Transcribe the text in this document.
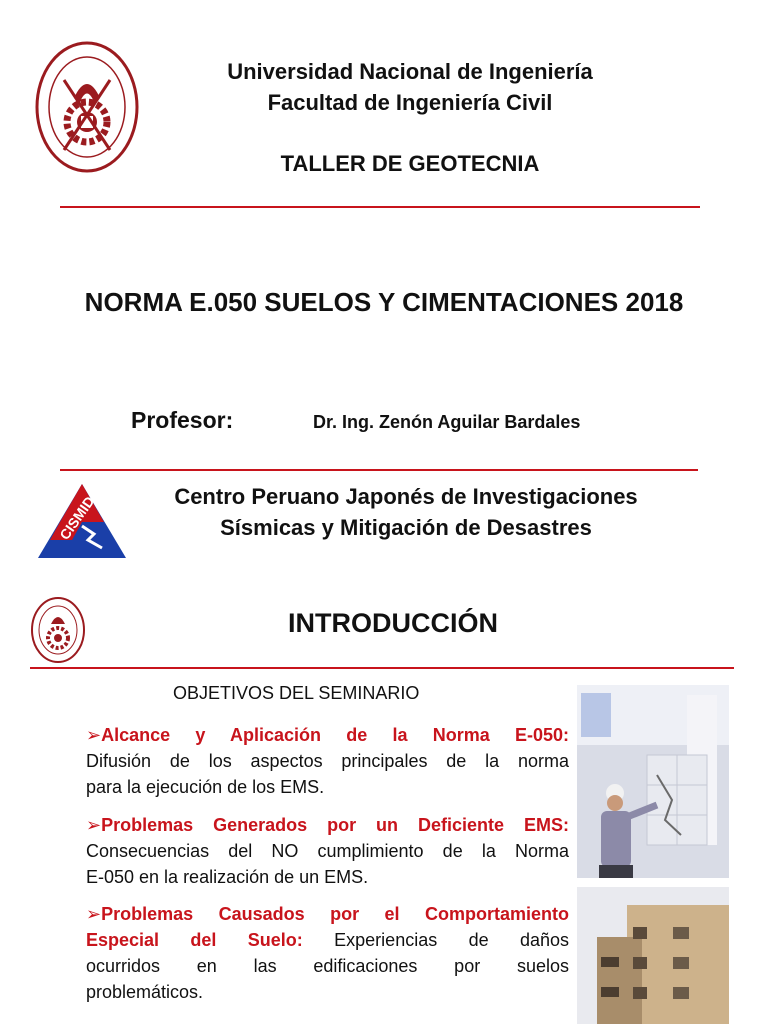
Universidad Nacional de Ingeniería
Facultad de Ingeniería Civil
TALLER DE GEOTECNIA
NORMA E.050 SUELOS Y CIMENTACIONES 2018
Profesor:	Dr. Ing. Zenón Aguilar Bardales
CISMID	Centro Peruano Japonés de Investigaciones
Sísmicas y Mitigación de Desastres
INTRODUCCIÓN
OBJETIVOS DEL SEMINARIO
➢Alcance y Aplicación de la Norma E-050:
Difusión de los aspectos principales de la norma
para la ejecución de los EMS.
➢Problemas Generados por un Deficiente EMS:
Consecuencias del NO cumplimiento de la Norma
E-050 en la realización de un EMS.
➢Problemas Causados por el Comportamiento
Especial del Suelo: Experiencias de daños
ocurridos en las edificaciones por suelos
problemáticos.
